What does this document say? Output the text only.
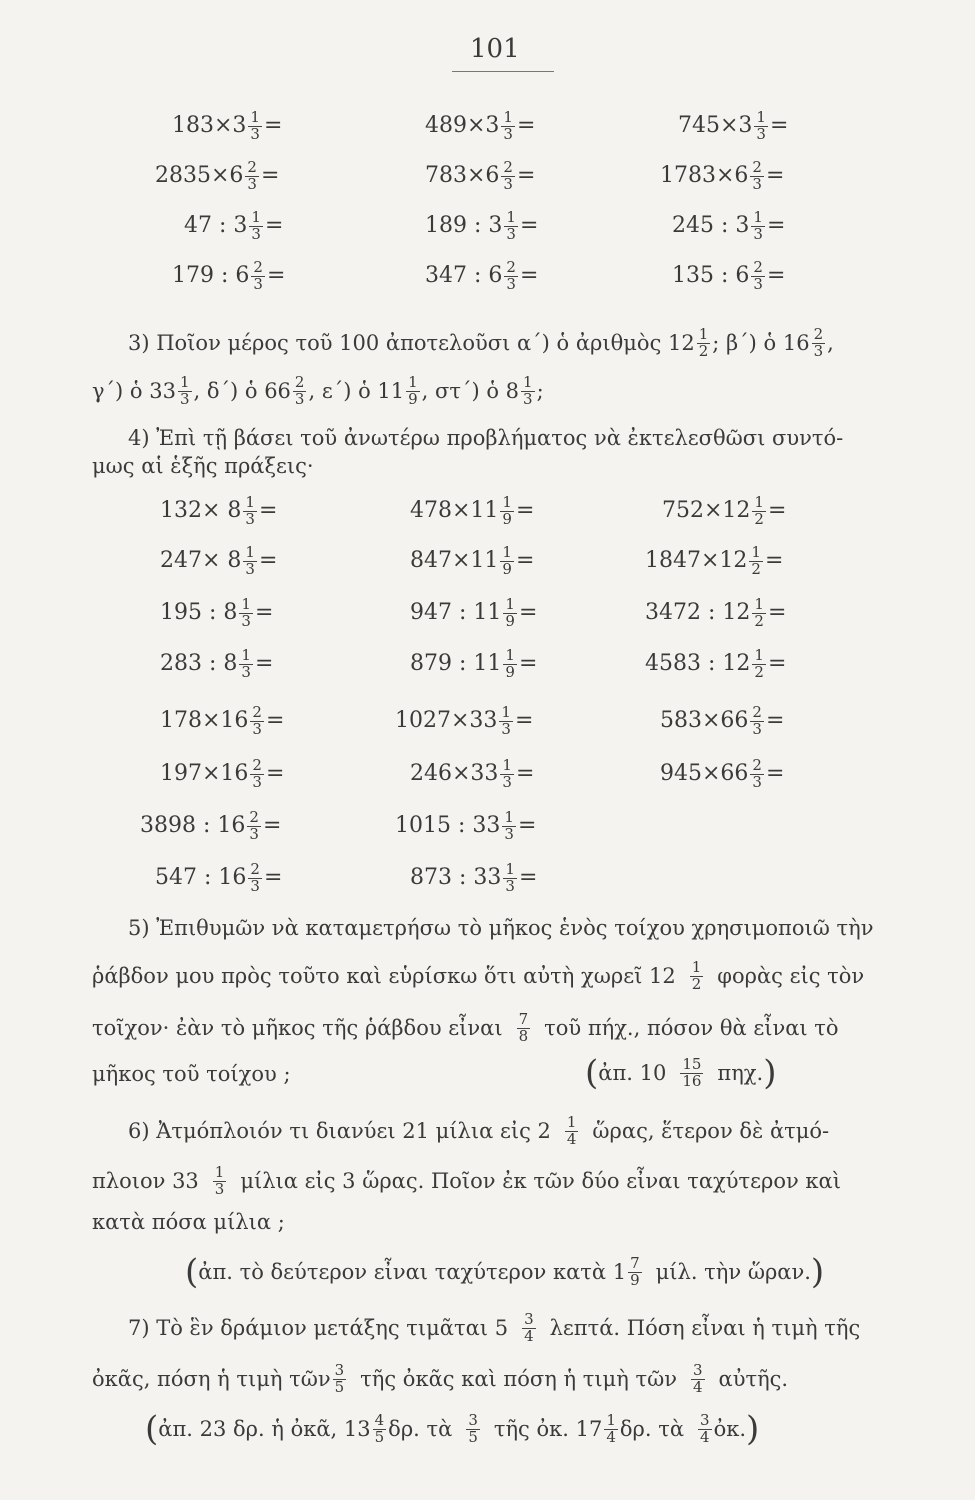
101
$183\times 3 \frac{1}{3}$ =
$2835\times 6 \frac{2}{3}$ =
47 : $3 \frac{1}{3}$ =
179 : $6 \frac{2}{3}$ =
$489\times 3 \frac{1}{3}$ =
$783\times 6 \frac{2}{3}$ =
189 : $3 \frac{1}{3}$ =
347 : $6 \frac{2}{3}$ =
$745\times 3 \frac{1}{3}$ =
$1783\times 6 \frac{2}{3}$ =
245 : $3 \frac{1}{3}$ =
135 : $6 \frac{2}{3}$ =
3) Ποῖον μέρος τοῦ 100 ἀποτελοῦσι α΄) ὁ ἀριθμὸς $12 \frac{1}{2}$ ; β΄) ὁ $16 \frac{2}{3}$ ,
γ΄) ὁ $33 \frac{1}{3}$ , δ΄) ὁ $66 \frac{2}{3}$ , ε΄) ὁ $11 \frac{1}{9}$ , στ΄) ὁ $8 \frac{1}{3}$ ;
4) Ἐπὶ τῇ βάσει τοῦ ἀνωτέρω προβλήματος νὰ ἐκτελεσθῶσι συντό-
μως αἱ ἑξῆς πράξεις·
$132\times 8 \frac{1}{3}$ =
$247\times 8 \frac{1}{3}$ =
195 : $8 \frac{1}{3}$ =
283 : $8 \frac{1}{3}$ =
$178\times 16 \frac{2}{3}$ =
$197\times 16 \frac{2}{3}$ =
3898 : $16 \frac{2}{3}$ =
547 : $16 \frac{2}{3}$ =
$478\times 11 \frac{1}{9}$ =
$847\times 11 \frac{1}{9}$ =
947 : $11 \frac{1}{9}$ =
879 : $11 \frac{1}{9}$ =
$1027\times 33 \frac{1}{3}$ =
$246\times 33 \frac{1}{3}$ =
1015 : $33 \frac{1}{3}$ =
873 : $33 \frac{1}{3}$ =
$752\times 12 \frac{1}{2}$ =
$1847\times 12 \frac{1}{2}$ =
3472 : $12 \frac{1}{2}$ =
4583 : $12 \frac{1}{2}$ =
$583\times 66 \frac{2}{3}$ =
$945\times 66 \frac{2}{3}$ =
5) Ἐπιθυμῶν νὰ καταμετρήσω τὸ μῆκος ἑνὸς τοίχου χρησιμοποιῶ τὴν
ῥάβδον μου πρὸς τοῦτο καὶ εὑρίσκω ὅτι αὐτὴ χωρεῖ $12 \frac{1}{2}$ φορὰς εἰς τὸν
τοῖχον· ἐὰν τὸ μῆκος τῆς ῥάβδου εἶναι $\frac{7}{8}$ τοῦ πήχ., πόσον θὰ εἶναι τὸ
μῆκος τοῦ τοίχου ;	( ἀπ. $10 \frac{15}{16} \pi\eta\chi$. )
6) Ἀτμόπλοιόν τι διανύει 21 μίλια εἰς $2 \frac{1}{4}$ ὥρας, ἕτερον δὲ ἀτμό-
πλοιον $33 \frac{1}{3}$ μίλια εἰς 3 ὥρας. Ποῖον ἐκ τῶν δύο εἶναι ταχύτερον καὶ
κατὰ πόσα μίλια ;
( ἀπ. τὸ δεύτερον εἶναι ταχύτερον κατὰ $1 \frac{7}{9} \mu ί\lambda$. τὴν ὥραν. )
7) Τὸ ἓν δράμιον μετάξης τιμᾶται $5 \frac{3}{4} \lambda\varepsilon\pi\tau ά$. Πόση εἶναι ἡ τιμὴ τῆς
ὀκᾶς, πόση ἡ τιμὴ τῶν $\frac{3}{5}$ τῆς ὀκᾶς καὶ πόση ἡ τιμὴ τῶν $\frac{3}{4}$ αὐτῆς.
( ἀπ. 23 δρ. ἡ ὀκᾶ, $13 \frac{4}{5} \delta\rho$. τὰ $\frac{3}{5}$ τῆς ὀκ. $17 \frac{1}{4} \delta\rho$. τὰ $\frac{3}{4}$ ὀκ. )
